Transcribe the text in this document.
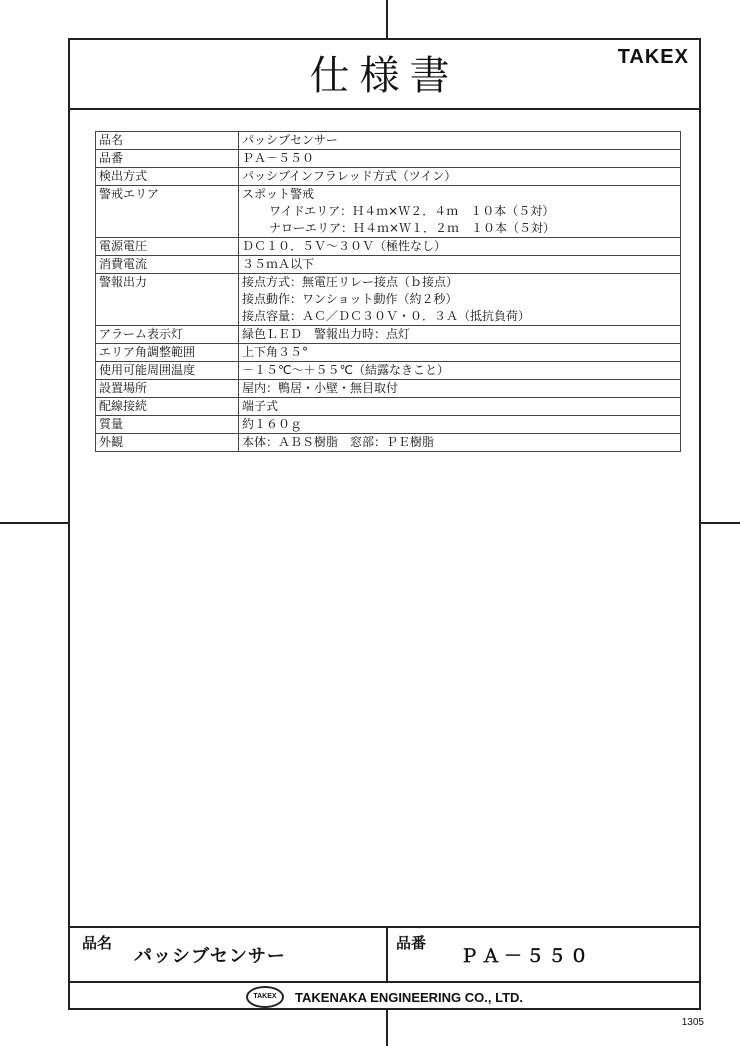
仕様書	TAKEX
品名	パッシブセンサー

品番	ＰＡ－５５０

検出方式	パッシブインフラレッド方式（ツイン）

警戒エリア	スポット警戒
ワイドエリア：Ｈ４ｍ×Ｗ２．４ｍ　１０本（５対）
ナローエリア：Ｈ４ｍ×Ｗ１．２ｍ　１０本（５対）

電源電圧	ＤＣ１０．５Ｖ～３０Ｖ（極性なし）

消費電流	３５ｍＡ以下

警報出力	接点方式：無電圧リレー接点（ｂ接点）
接点動作：ワンショット動作（約２秒）
接点容量：ＡＣ／ＤＣ３０Ｖ・０．３Ａ（抵抗負荷）

アラーム表示灯	緑色ＬＥＤ　警報出力時：点灯

エリア角調整範囲	上下角３５°

使用可能周囲温度	－１５℃～＋５５℃（結露なきこと）

設置場所	屋内：鴨居・小壁・無目取付

配線接続	端子式

質量	約１６０ｇ

外観	本体：ＡＢＳ樹脂　窓部：ＰＥ樹脂
品名
パッシブセンサー
品番
ＰＡ－５５０
TAKEX TAKENAKA ENGINEERING CO., LTD.
1305
